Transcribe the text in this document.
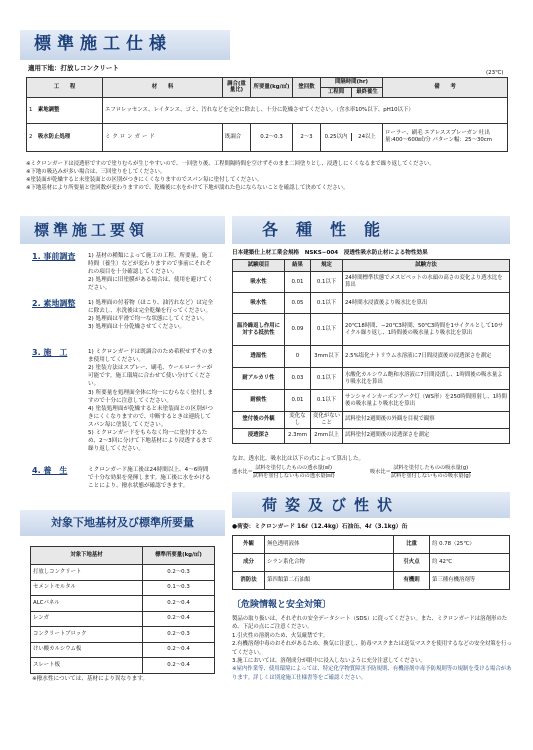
標準施工仕様
適用下地：打放しコンクリート
(23℃)
工　　程	材　　料	調合(重量比)	所要量(kg/㎡)	塗回数	間隔時間(hr)
工程間 最終養生	備　　考
1　 素地調整	エフロレッセンス、レイタンス、ゴミ、汚れなどを完全に除去し、十分に乾燥させてください。（含水率10%以下、pH10以下）					
2　 吸水防止処理	ミクロンガード	既調合	0.2〜0.3	2〜3	0.25以内 24以上	ローラー、刷毛 エアレススプレーガン 吐出量:400〜600㎖/分 パターン幅：25〜30cm
※ミクロンガードは浸透形ですので塗りむらが生じやすいので、一回塗り後、工程間隔時間を空けずそのまま二回塗りとし、浸透しにくくなるまで繰り返してください。
※下地の吸込みが多い場合は、三回塗りをしてください。
※塗装面が乾燥すると未塗装面との区別がつきにくくなりますのでスパン毎に塗付してください。
※下地基材により所要量と塗回数が変わりますので、乾燥後に水をかけて下地が濡れた色にならないことを確認して決めてください。
標準施工要領
1. 事前調査 1) 基材の種類によって施工の工程、所要量、施工時間（養生）などが変わりますので事前にそれぞれの項目を十分確認してください。
2) 処理面に旧塗膜がある場合は、使用を避けてください。
2. 素地調整 1) 処理面の付着物（ほこり、油汚れなど）は完全に除去し、水洗後は完全乾燥を行ってください。
2) 処理面は平滑で均一な状態にしてください。
3) 処理面は十分乾燥させてください。
3. 施　工	1) ミクロンガードは既調合のため希釈せずそのまま使用してください。
2) 塗装方法はスプレー、刷毛、ウールローラーが可能です。施工環境に合わせて使い分けてください。
3) 所要量を処理面全体に均一にむらなく塗付しますので十分に注意してください。
4) 塗装処理面が乾燥すると未塗装面との区別がつきにくくなりますので、中断するときは連続してスパン毎に塗装してください。
5) ミクロンガードをもらなく均一に塗付するため、2〜3回に分けて下地基材により浸透するまで繰り返してください。
4. 養　生	ミクロンガード施工後は24時間以上、4〜6時間で十分な効果を発揮します。施工後に水をかけることにより、撥水状態が確認できます。
対象下地基材及び標準所要量
対象下地基材	標準所要量(kg/㎡)
打放しコンクリート	0.2〜0.3
セメントモルタル	0.1〜0.3
ALCパネル	0.2〜0.4
レンガ	0.2〜0.4
コンクリートブロック	0.2〜0.3
けい酸カルシウム板	0.2〜0.4
スレート板	0.2〜0.4
※撥水性については、基材により異なります。
各種性能
日本建築仕上材工業会規格　NSKS−004　浸透性吸水防止材による物性効果
試験項目	結果	規定	試験方法
吸水性	0.01	0.1以下	24時間標準状態でメスピペットの水頭の高さの変化より透水比を算出
吸水性	0.05	0.1以下	24時間水浸漬後より吸水比を算出
温冷繰返し作用に対する抵抗性	0.09	0.1以下	20℃18時間、−20℃3時間、50℃3時間を1サイクルとして10サイクル繰り返し、1時間後の吸水量より吸水比を算出
透湿性	0	3mm以下	2.5%塩化ナトリウム水溶液に7日間浸漬後の浸透深さを測定
耐アルカリ性	0.03	0.1以下	水酸化カルシウム飽和水溶液に7日間浸漬し、1時間後の吸水量より吸水比を算出
耐候性	0.01	0.1以下	サンシャインカーボンアーク灯（WS形）を250時間照射し、1時間後の吸水量より吸水比を算出
塗付後の外観	変化なし	変化がないこと	試料塗付2週間後の外観を目視で観察
浸透深さ	2.3mm	2mm以上	試料塗付2週間後の浸透深さを測定
なお、透水比、吸水比は以下の式によって算出した。
透水比＝
試料を塗付したものの透水量(㎖)
試料を塗付しないものの透水量(㎖)
吸水比＝
試料を塗付したものの吸水量(g)
試料を塗付しないものの吸水量(g)
荷姿及び性状
●荷姿：ミクロンガード 16ℓ（12.4kg）石油缶、4ℓ（3.1kg）缶
外観	無色透明液体	比重	約 0.78（25℃）
成分	シラン系化合物	引火点	約 42℃
消防法	第四類第二石油類	有機則	第三種有機溶剤等
〔危険情報と安全対策〕
製品の取り扱いは、それぞれの安全データシート（SDS）に従ってください。また、ミクロンガードは溶剤形のため、下記の点にご注意ください。
1.引火性の溶剤のため、火気厳禁です。
2.有機溶剤中毒のおそれがあるため、換気に注意し、防毒マスクまたは送気マスクを使用するなどの安全対策を行ってください。
3.施工においては、溶剤成分が眼中に浸入しないように充分注意してください。
※屋内作業等、使用環境によっては、特定化学物質障害予防規則、有機溶剤中毒予防規則等の規制を受ける場合があります。詳しくは別途施工仕様書等をご確認ください。
